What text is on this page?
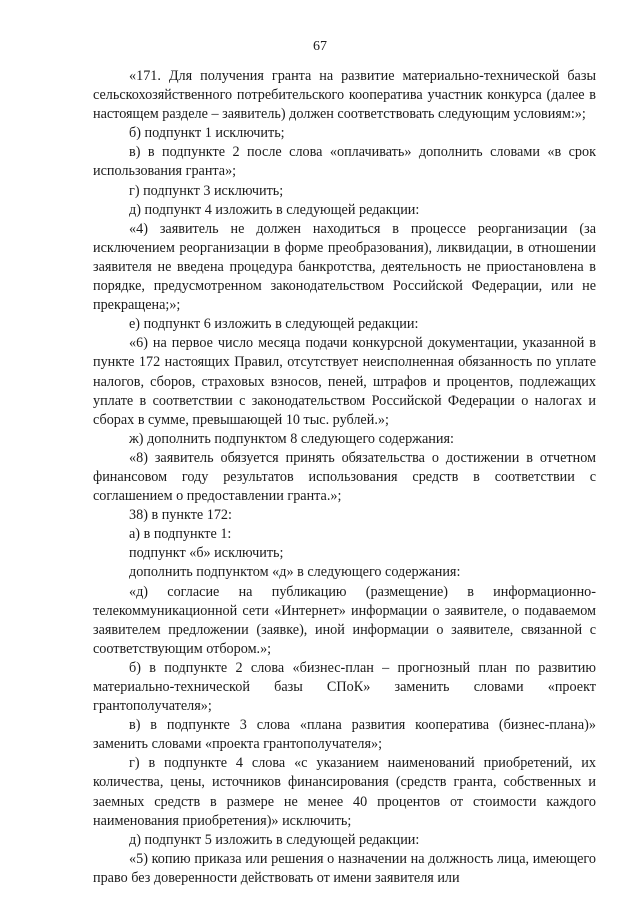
67

«171. Для получения гранта на развитие материально-технической базы сельскохозяйственного потребительского кооператива участник конкурса (далее в настоящем разделе – заявитель) должен соответствовать следующим условиям:»;

б) подпункт 1 исключить;

в) в подпункте 2 после слова «оплачивать» дополнить словами «в срок использования гранта»;

г) подпункт 3 исключить;

д) подпункт 4 изложить в следующей редакции:

«4) заявитель не должен находиться в процессе реорганизации (за исключением реорганизации в форме преобразования), ликвидации, в отношении заявителя не введена процедура банкротства, деятельность не приостановлена в порядке, предусмотренном законодательством Российской Федерации, или не прекращена;»;

е) подпункт 6 изложить в следующей редакции:

«6) на первое число месяца подачи конкурсной документации, указанной в пункте 172 настоящих Правил, отсутствует неисполненная обязанность по уплате налогов, сборов, страховых взносов, пеней, штрафов и процентов, подлежащих уплате в соответствии с законодательством Российской Федерации о налогах и сборах в сумме, превышающей 10 тыс. рублей.»;

ж) дополнить подпунктом 8 следующего содержания:

«8) заявитель обязуется принять обязательства о достижении в отчетном финансовом году результатов использования средств в соответствии с соглашением о предоставлении гранта.»;

38) в пункте 172:

а) в подпункте 1:

подпункт «б» исключить;

дополнить подпунктом «д» в следующего содержания:

«д) согласие на публикацию (размещение) в информационно-телекоммуникационной сети «Интернет» информации о заявителе, о подаваемом заявителем предложении (заявке), иной информации о заявителе, связанной с соответствующим отбором.»;

б) в подпункте 2 слова «бизнес-план – прогнозный план по развитию материально-технической базы СПоК» заменить словами «проект грантополучателя»;

в) в подпункте 3 слова «плана развития кооператива (бизнес-плана)» заменить словами «проекта грантополучателя»;

г) в подпункте 4 слова «с указанием наименований приобретений, их количества, цены, источников финансирования (средств гранта, собственных и заемных средств в размере не менее 40 процентов от стоимости каждого наименования приобретения)» исключить;

д) подпункт 5 изложить в следующей редакции:

«5) копию приказа или решения о назначении на должность лица, имеющего право без доверенности действовать от имени заявителя или
